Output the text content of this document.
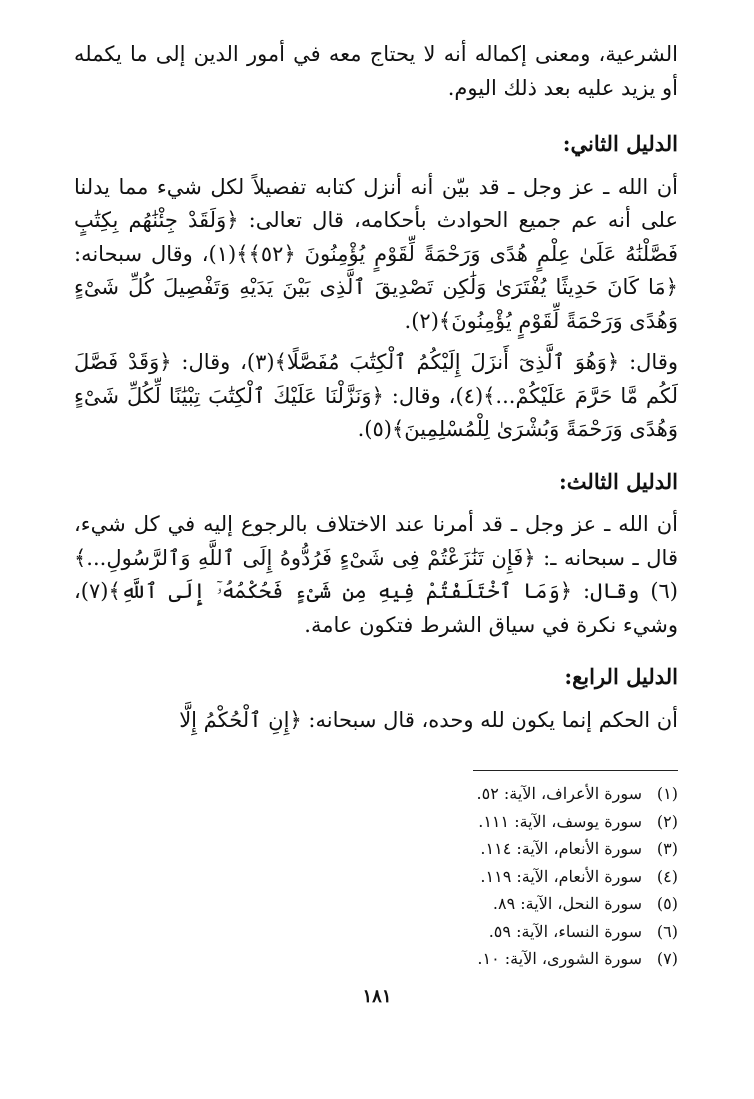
الشرعية، ومعنى إكماله أنه لا يحتاج معه في أمور الدين إلى ما يكمله أو يزيد عليه بعد ذلك اليوم.

الدليل الثاني:

أن الله ـ عز وجل ـ قد بيّن أنه أنزل كتابه تفصيلاً لكل شيء مما يدلنا على أنه عم جميع الحوادث بأحكامه، قال تعالى: ﴿وَلَقَدْ جِئْنَٰهُم بِكِتَٰبٍ فَصَّلْنَٰهُ عَلَىٰ عِلْمٍ هُدًى وَرَحْمَةً لِّقَوْمٍ يُؤْمِنُونَ ﴿٥٢﴾﴾(١)، وقال سبحانه: ﴿مَا كَانَ حَدِيثًا يُفْتَرَىٰ وَلَٰكِن تَصْدِيقَ ٱلَّذِى بَيْنَ يَدَيْهِ وَتَفْصِيلَ كُلِّ شَىْءٍ وَهُدًى وَرَحْمَةً لِّقَوْمٍ يُؤْمِنُونَ﴾(٢).

وقال: ﴿وَهُوَ ٱلَّذِىٓ أَنزَلَ إِلَيْكُمُ ٱلْكِتَٰبَ مُفَصَّلًا﴾(٣)، وقال: ﴿وَقَدْ فَصَّلَ لَكُم مَّا حَرَّمَ عَلَيْكُمْ...﴾(٤)، وقال: ﴿وَنَزَّلْنَا عَلَيْكَ ٱلْكِتَٰبَ تِبْيَٰنًا لِّكُلِّ شَىْءٍ وَهُدًى وَرَحْمَةً وَبُشْرَىٰ لِلْمُسْلِمِينَ﴾(٥).

الدليل الثالث:

أن الله ـ عز وجل ـ قد أمرنا عند الاختلاف بالرجوع إليه في كل شيء، قال ـ سبحانه ـ: ﴿فَإِن تَنَٰزَعْتُمْ فِى شَىْءٍ فَرُدُّوهُ إِلَى ٱللَّهِ وَٱلرَّسُولِ...﴾(٦) وقال: ﴿وَمَا ٱخْتَلَفْتُمْ فِيهِ مِن شَىْءٍ فَحُكْمُهُۥٓ إِلَى ٱللَّهِ﴾(٧)، وشيء نكرة في سياق الشرط فتكون عامة.

الدليل الرابع:

أن الحكم إنما يكون لله وحده، قال سبحانه: ﴿إِنِ ٱلْحُكْمُ إِلَّا

(١)
سورة الأعراف، الآية: ٥٢.
(٢)
سورة يوسف، الآية: ١١١.
(٣)
سورة الأنعام، الآية: ١١٤.
(٤)
سورة الأنعام، الآية: ١١٩.
(٥)
سورة النحل، الآية: ٨٩.
(٦)
سورة النساء، الآية: ٥٩.
(٧)
سورة الشورى، الآية: ١٠.
١٨١
